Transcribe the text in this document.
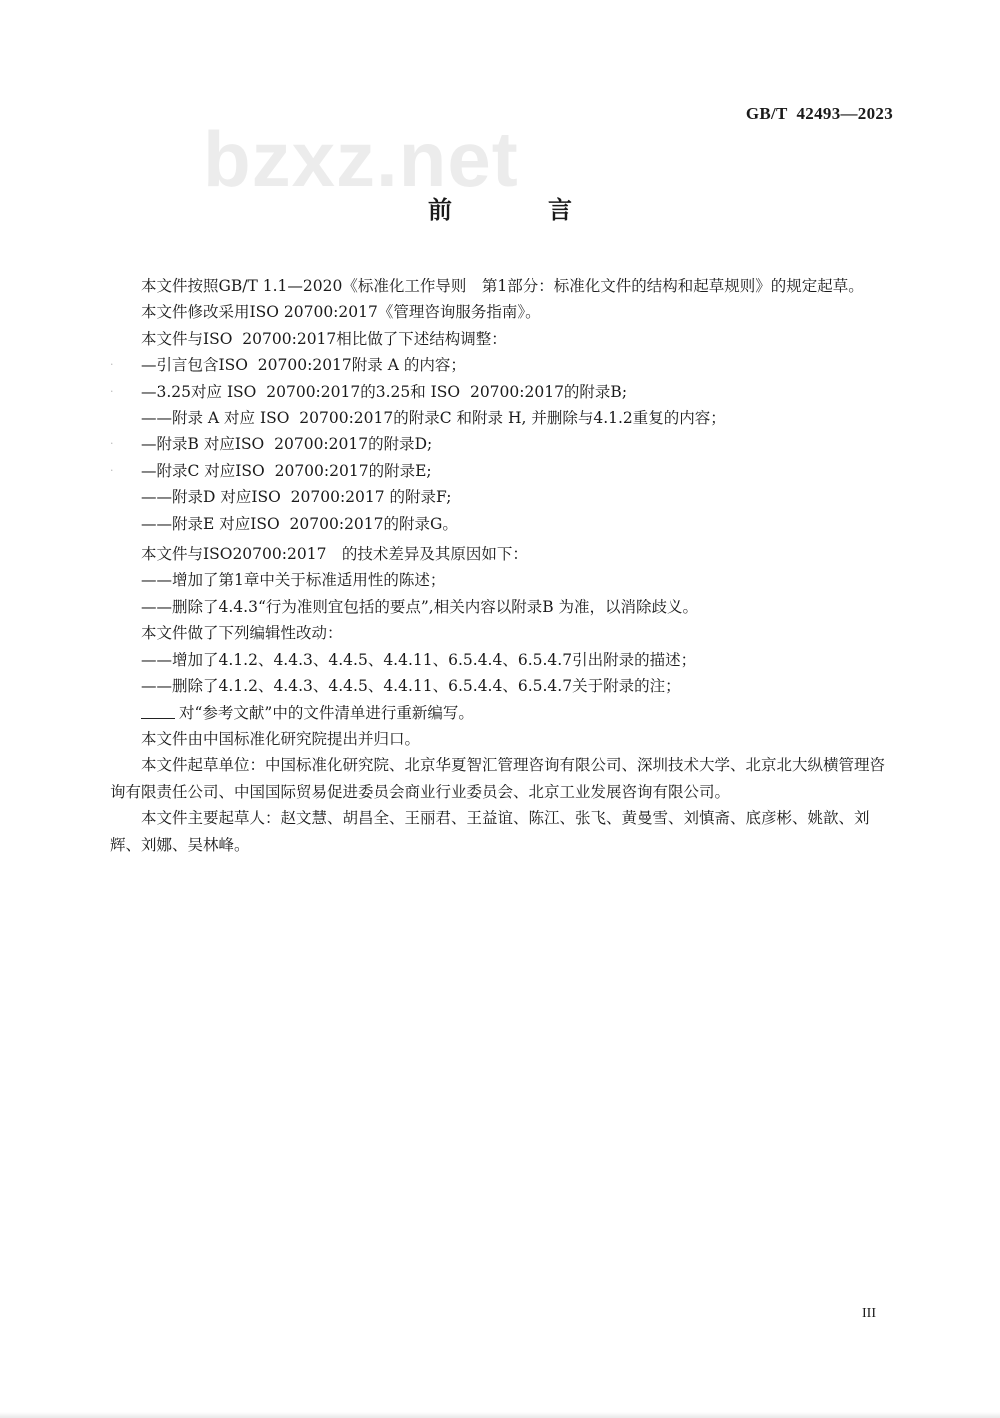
GB/T  42493—2023
bzxz.net
前　言

本文件按照GB/T 1.1—2020《标准化工作导则　第1部分：标准化文件的结构和起草规则》的规定起草。

本文件修改采用ISO 20700:2017《管理咨询服务指南》。

本文件与ISO  20700:2017相比做了下述结构调整：

· —引言包含ISO  20700:2017附录 A 的内容；

· —3.25对应 ISO  20700:2017的3.25和 ISO  20700:2017的附录B;

——附录 A 对应 ISO  20700:2017的附录C 和附录 H, 并删除与4.1.2重复的内容；

· —附录B 对应ISO  20700:2017的附录D;

· —附录C 对应ISO  20700:2017的附录E;

——附录D 对应ISO  20700:2017 的附录F;

——附录E 对应ISO  20700:2017的附录G。

本文件与ISO20700:2017　的技术差异及其原因如下：

——增加了第1章中关于标准适用性的陈述；

——删除了4.4.3“行为准则宜包括的要点”,相关内容以附录B 为准，以消除歧义。

本文件做了下列编辑性改动：

——增加了4.1.2、4.4.3、4.4.5、4.4.11、6.5.4.4、6.5.4.7引出附录的描述；

——删除了4.1.2、4.4.3、4.4.5、4.4.11、6.5.4.4、6.5.4.7关于附录的注；

对“参考文献”中的文件清单进行重新编写。

本文件由中国标准化研究院提出并归口。

本文件起草单位：中国标准化研究院、北京华夏智汇管理咨询有限公司、深圳技术大学、北京北大纵横管理咨询有限责任公司、中国国际贸易促进委员会商业行业委员会、北京工业发展咨询有限公司。

本文件主要起草人：赵文慧、胡昌全、王丽君、王益谊、陈江、张飞、黄曼雪、刘慎斋、底彦彬、姚歆、刘辉、刘娜、吴林峰。

III
